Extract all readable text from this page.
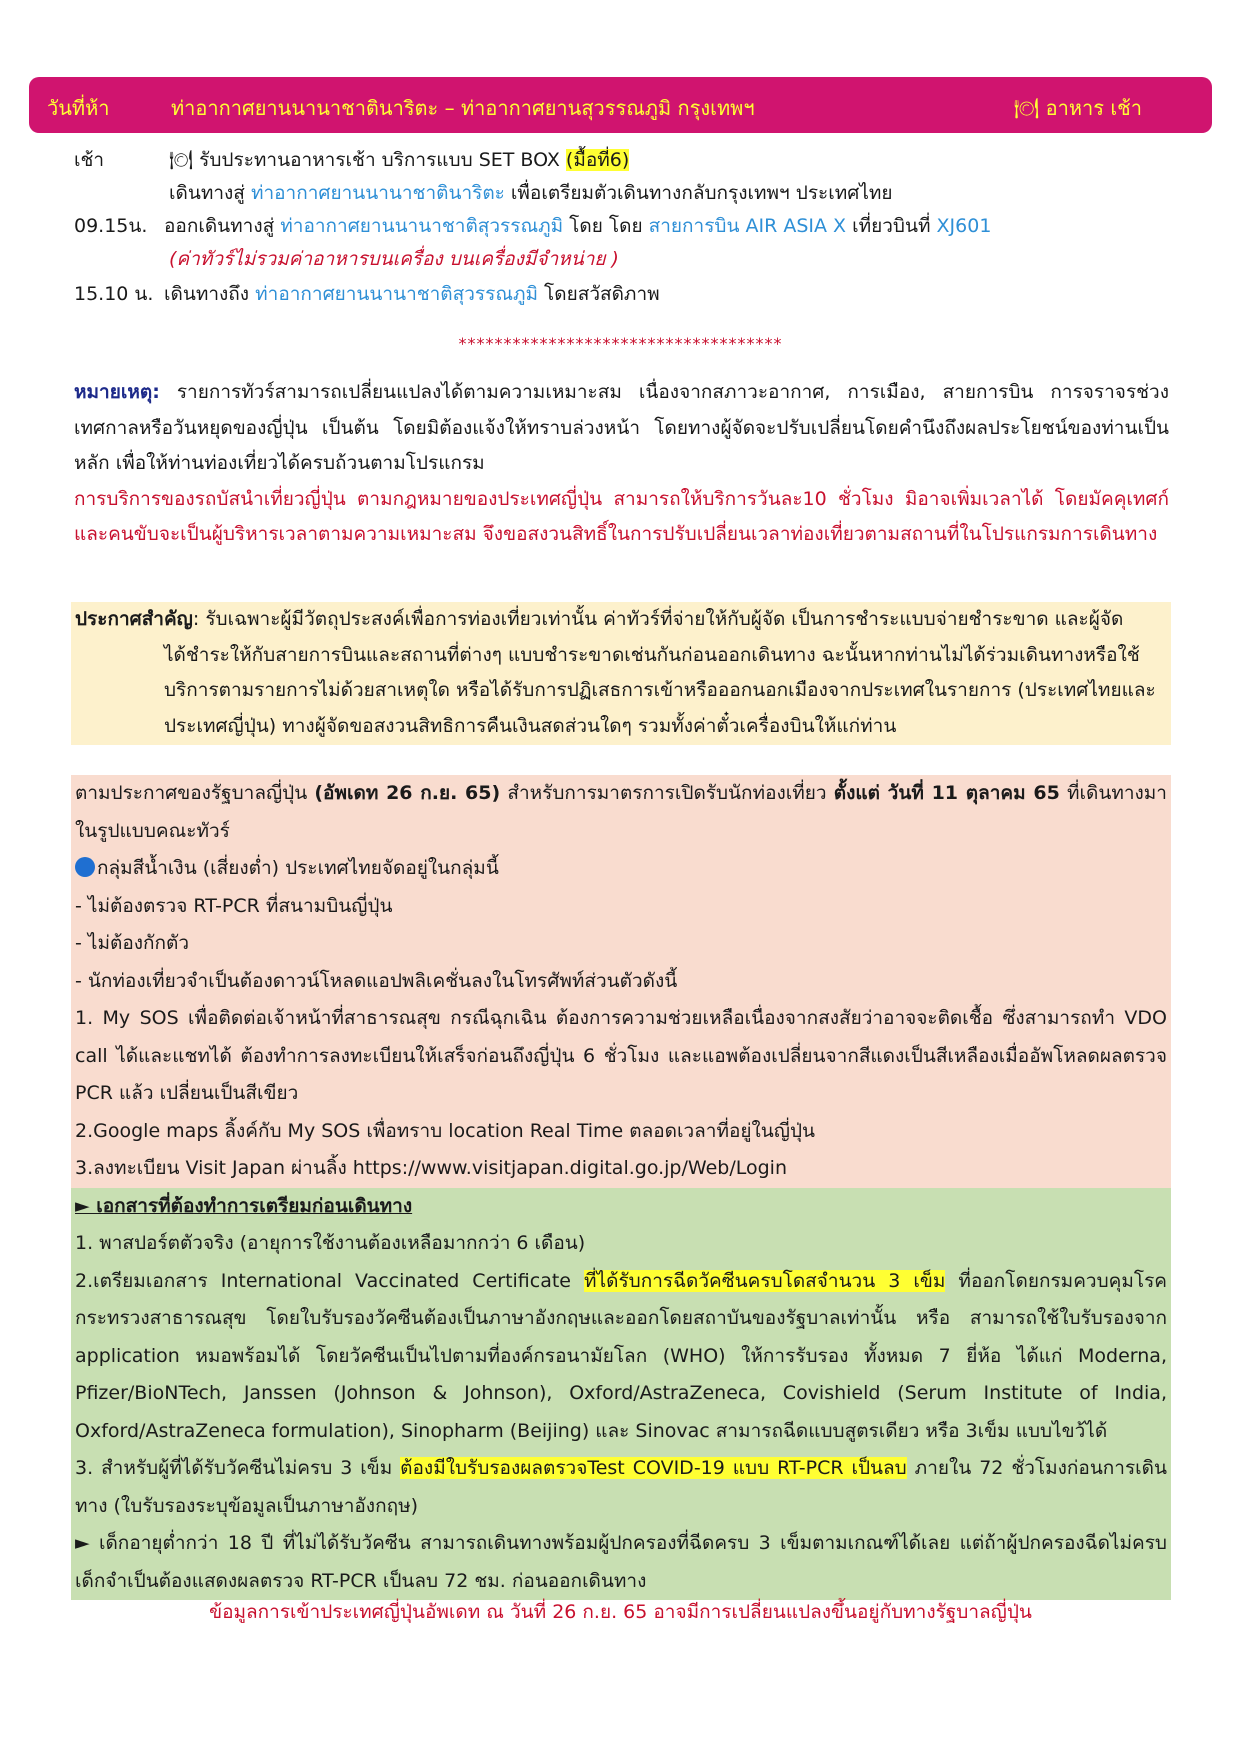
วันที่ห้า	ท่าอากาศยานนานาชาตินาริตะ – ท่าอากาศยานสุวรรณภูมิ กรุงเทพฯ	🍽 อาหาร เช้า
เช้า	🍽 รับประทานอาหารเช้า บริการแบบ SET BOX (มื้อที่6)
เดินทางสู่ ท่าอากาศยานนานาชาตินาริตะ เพื่อเตรียมตัวเดินทางกลับกรุงเทพฯ ประเทศไทย
09.15น. ออกเดินทางสู่ ท่าอากาศยานนานาชาติสุวรรณภูมิ โดย โดย สายการบิน AIR ASIA X เที่ยวบินที่ XJ601
(ค่าทัวร์ไม่รวมค่าอาหารบนเครื่อง บนเครื่องมีจำหน่าย )
15.10 น. เดินทางถึง ท่าอากาศยานนานาชาติสุวรรณภูมิ โดยสวัสดิภาพ
************************************
หมายเหตุ: รายการทัวร์สามารถเปลี่ยนแปลงได้ตามความเหมาะสม เนื่องจากสภาวะอากาศ, การเมือง, สายการบิน การจราจรช่วงเทศกาลหรือวันหยุดของญี่ปุ่น เป็นต้น โดยมิต้องแจ้งให้ทราบล่วงหน้า โดยทางผู้จัดจะปรับเปลี่ยนโดยคำนึงถึงผลประโยชน์ของท่านเป็นหลัก เพื่อให้ท่านท่องเที่ยวได้ครบถ้วนตามโปรแกรม
การบริการของรถบัสนำเที่ยวญี่ปุ่น ตามกฎหมายของประเทศญี่ปุ่น สามารถให้บริการวันละ10 ชั่วโมง มิอาจเพิ่มเวลาได้ โดยมัคคุเทศก์และคนขับจะเป็นผู้บริหารเวลาตามความเหมาะสม จึงขอสงวนสิทธิ์ในการปรับเปลี่ยนเวลาท่องเที่ยวตามสถานที่ในโปรแกรมการเดินทาง
ประกาศสำคัญ: รับเฉพาะผู้มีวัตถุประสงค์เพื่อการท่องเที่ยวเท่านั้น ค่าทัวร์ที่จ่ายให้กับผู้จัด เป็นการชำระแบบจ่ายชำระขาด และผู้จัด
ได้ชำระให้กับสายการบินและสถานที่ต่างๆ แบบชำระขาดเช่นกันก่อนออกเดินทาง ฉะนั้นหากท่านไม่ได้ร่วมเดินทางหรือใช้บริการตามรายการไม่ด้วยสาเหตุใด หรือได้รับการปฏิเสธการเข้าหรือออกนอกเมืองจากประเทศในรายการ (ประเทศไทยและประเทศญี่ปุ่น) ทางผู้จัดขอสงวนสิทธิการคืนเงินสดส่วนใดๆ รวมทั้งค่าตั๋วเครื่องบินให้แก่ท่าน

ตามประกาศของรัฐบาลญี่ปุ่น (อัพเดท 26 ก.ย. 65) สำหรับการมาตรการเปิดรับนักท่องเที่ยว ตั้งแต่ วันที่ 11 ตุลาคม 65 ที่เดินทางมาในรูปแบบคณะทัวร์

กลุ่มสีน้ำเงิน (เสี่ยงต่ำ) ประเทศไทยจัดอยู่ในกลุ่มนี้

- ไม่ต้องตรวจ RT-PCR ที่สนามบินญี่ปุ่น

- ไม่ต้องกักตัว

- นักท่องเที่ยวจำเป็นต้องดาวน์โหลดแอปพลิเคชั่นลงในโทรศัพท์ส่วนตัวดังนี้

1. My SOS เพื่อติดต่อเจ้าหน้าที่สาธารณสุข กรณีฉุกเฉิน ต้องการความช่วยเหลือเนื่องจากสงสัยว่าอาจจะติดเชื้อ ซึ่งสามารถทำ VDO call ได้และแชทได้ ต้องทำการลงทะเบียนให้เสร็จก่อนถึงญี่ปุ่น 6 ชั่วโมง และแอพต้องเปลี่ยนจากสีแดงเป็นสีเหลืองเมื่ออัพโหลดผลตรวจ PCR แล้ว เปลี่ยนเป็นสีเขียว

2.Google maps ลิ้งค์กับ My SOS เพื่อทราบ location Real Time ตลอดเวลาที่อยู่ในญี่ปุ่น

3.ลงทะเบียน Visit Japan ผ่านลิ้ง https://www.visitjapan.digital.go.jp/Web/Login

► เอกสารที่ต้องทำการเตรียมก่อนเดินทาง

1. พาสปอร์ตตัวจริง (อายุการใช้งานต้องเหลือมากกว่า 6 เดือน)

2.เตรียมเอกสาร International Vaccinated Certificate ที่ได้รับการฉีดวัคซีนครบโดสจำนวน 3 เข็ม ที่ออกโดยกรมควบคุมโรค กระทรวงสาธารณสุข โดยใบรับรองวัคซีนต้องเป็นภาษาอังกฤษและออกโดยสถาบันของรัฐบาลเท่านั้น หรือ สามารถใช้ใบรับรองจาก application หมอพร้อมได้ โดยวัคซีนเป็นไปตามที่องค์กรอนามัยโลก (WHO) ให้การรับรอง ทั้งหมด 7 ยี่ห้อ ได้แก่ Moderna, Pfizer/BioNTech, Janssen (Johnson & Johnson), Oxford/AstraZeneca, Covishield (Serum Institute of India, Oxford/AstraZeneca formulation), Sinopharm (Beijing) และ Sinovac สามารถฉีดแบบสูตรเดียว หรือ 3เข็ม แบบไขว้ได้

3. สำหรับผู้ที่ได้รับวัคซีนไม่ครบ 3 เข็ม ต้องมีใบรับรองผลตรวจTest COVID-19 แบบ RT-PCR เป็นลบ ภายใน 72 ชั่วโมงก่อนการเดินทาง (ใบรับรองระบุข้อมูลเป็นภาษาอังกฤษ)

► เด็กอายุต่ำกว่า 18 ปี ที่ไม่ได้รับวัคซีน สามารถเดินทางพร้อมผู้ปกครองที่ฉีดครบ 3 เข็มตามเกณฑ์ได้เลย แต่ถ้าผู้ปกครองฉีดไม่ครบ เด็กจำเป็นต้องแสดงผลตรวจ RT-PCR เป็นลบ 72 ชม. ก่อนออกเดินทาง

ข้อมูลการเข้าประเทศญี่ปุ่นอัพเดท ณ วันที่ 26 ก.ย. 65 อาจมีการเปลี่ยนแปลงขึ้นอยู่กับทางรัฐบาลญี่ปุ่น
